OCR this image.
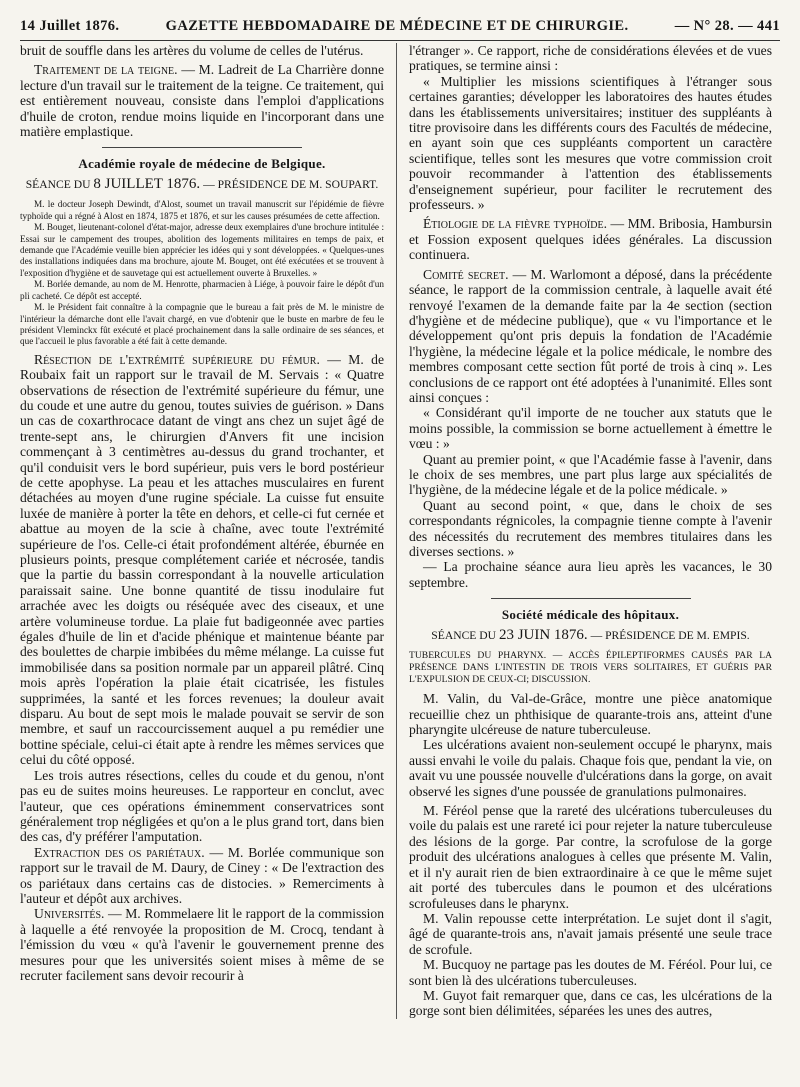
14 Juillet 1876.	GAZETTE HEBDOMADAIRE DE MÉDECINE ET DE CHIRURGIE.	— N° 28. — 441

bruit de souffle dans les artères du volume de celles de l'utérus.

Traitement de la teigne. — M. Ladreit de La Charrière donne lecture d'un travail sur le traitement de la teigne. Ce traitement, qui est entièrement nouveau, consiste dans l'emploi d'applications d'huile de croton, rendue moins liquide en l'incorporant dans une matière emplastique.

Académie royale de médecine de Belgique.
SÉANCE DU 8 JUILLET 1876. — PRÉSIDENCE DE M. SOUPART.

M. le docteur Joseph Dewindt, d'Alost, soumet un travail manuscrit sur l'épidémie de fièvre typhoïde qui a régné à Alost en 1874, 1875 et 1876, et sur les causes présumées de cette affection.

M. Bouget, lieutenant-colonel d'état-major, adresse deux exemplaires d'une brochure intitulée : Essai sur le campement des troupes, abolition des logements militaires en temps de paix, et demande que l'Académie veuille bien apprécier les idées qui y sont développées. « Quelques-unes des installations indiquées dans ma brochure, ajoute M. Bouget, ont été exécutées et se trouvent à l'exposition d'hygiène et de sauvetage qui est actuellement ouverte à Bruxelles. »

M. Borlée demande, au nom de M. Henrotte, pharmacien à Liége, à pouvoir faire le dépôt d'un pli cacheté. Ce dépôt est accepté.

M. le Président fait connaître à la compagnie que le bureau a fait près de M. le ministre de l'intérieur la démarche dont elle l'avait chargé, en vue d'obtenir que le buste en marbre de feu le président Vleminckx fût exécuté et placé prochainement dans la salle ordinaire de ses séances, et que l'accueil le plus favorable a été fait à cette demande.

Résection de l'extrémité supérieure du fémur. — M. de Roubaix fait un rapport sur le travail de M. Servais : « Quatre observations de résection de l'extrémité supérieure du fémur, une du coude et une autre du genou, toutes suivies de guérison. » Dans un cas de coxarthrocace datant de vingt ans chez un sujet âgé de trente-sept ans, le chirurgien d'Anvers fit une incision commençant à 3 centimètres au-dessus du grand trochanter, et qu'il conduisit vers le bord supérieur, puis vers le bord postérieur de cette apophyse. La peau et les attaches musculaires en furent détachées au moyen d'une rugine spéciale. La cuisse fut ensuite luxée de manière à porter la tête en dehors, et celle-ci fut cernée et abattue au moyen de la scie à chaîne, avec toute l'extrémité supérieure de l'os. Celle-ci était profondément altérée, éburnée en plusieurs points, presque complétement cariée et nécrosée, tandis que la partie du bassin correspondant à la nouvelle articulation paraissait saine. Une bonne quantité de tissu inodulaire fut arrachée avec les doigts ou réséquée avec des ciseaux, et une artère volumineuse tordue. La plaie fut badigeonnée avec parties égales d'huile de lin et d'acide phénique et maintenue béante par des boulettes de charpie imbibées du même mélange. La cuisse fut immobilisée dans sa position normale par un appareil plâtré. Cinq mois après l'opération la plaie était cicatrisée, les fistules supprimées, la santé et les forces revenues; la douleur avait disparu. Au bout de sept mois le malade pouvait se servir de son membre, et sauf un raccourcissement auquel a pu remédier une bottine spéciale, celui-ci était apte à rendre les mêmes services que celui du côté opposé.

Les trois autres résections, celles du coude et du genou, n'ont pas eu de suites moins heureuses. Le rapporteur en conclut, avec l'auteur, que ces opérations éminemment conservatrices sont généralement trop négligées et qu'on a le plus grand tort, dans bien des cas, d'y préférer l'amputation.

Extraction des os pariétaux. — M. Borlée communique son rapport sur le travail de M. Daury, de Ciney : « De l'extraction des os pariétaux dans certains cas de distocies. » Remerciments à l'auteur et dépôt aux archives.

Universités. — M. Rommelaere lit le rapport de la commission à laquelle a été renvoyée la proposition de M. Crocq, tendant à l'émission du vœu « qu'à l'avenir le gouvernement prenne des mesures pour que les universités soient mises à même de se recruter facilement sans devoir recourir à

l'étranger ». Ce rapport, riche de considérations élevées et de vues pratiques, se termine ainsi :

« Multiplier les missions scientifiques à l'étranger sous certaines garanties; développer les laboratoires des hautes études dans les établissements universitaires; instituer des suppléants à titre provisoire dans les différents cours des Facultés de médecine, en ayant soin que ces suppléants comportent un caractère scientifique, telles sont les mesures que votre commission croit pouvoir recommander à l'attention des établissements d'enseignement supérieur, pour faciliter le recrutement des professeurs. »

Étiologie de la fièvre typhoïde. — MM. Bribosia, Hambursin et Fossion exposent quelques idées générales. La discussion continuera.

Comité secret. — M. Warlomont a déposé, dans la précédente séance, le rapport de la commission centrale, à laquelle avait été renvoyé l'examen de la demande faite par la 4e section (section d'hygiène et de médecine publique), que « vu l'importance et le développement qu'ont pris depuis la fondation de l'Académie l'hygiène, la médecine légale et la police médicale, le nombre des membres composant cette section fût porté de trois à cinq ». Les conclusions de ce rapport ont été adoptées à l'unanimité. Elles sont ainsi conçues :

« Considérant qu'il importe de ne toucher aux statuts que le moins possible, la commission se borne actuellement à émettre le vœu : »

Quant au premier point, « que l'Académie fasse à l'avenir, dans le choix de ses membres, une part plus large aux spécialités de l'hygiène, de la médecine légale et de la police médicale. »

Quant au second point, « que, dans le choix de ses correspondants régnicoles, la compagnie tienne compte à l'avenir des nécessités du recrutement des membres titulaires dans les diverses sections. »

— La prochaine séance aura lieu après les vacances, le 30 septembre.

Société médicale des hôpitaux.
SÉANCE DU 23 JUIN 1876. — PRÉSIDENCE DE M. EMPIS.

TUBERCULES DU PHARYNX. — ACCÈS ÉPILEPTIFORMES CAUSÉS PAR LA PRÉSENCE DANS L'INTESTIN DE TROIS VERS SOLITAIRES, ET GUÉRIS PAR L'EXPULSION DE CEUX-CI; DISCUSSION.

M. Valin, du Val-de-Grâce, montre une pièce anatomique recueillie chez un phthisique de quarante-trois ans, atteint d'une pharyngite ulcéreuse de nature tuberculeuse.

Les ulcérations avaient non-seulement occupé le pharynx, mais aussi envahi le voile du palais. Chaque fois que, pendant la vie, on avait vu une poussée nouvelle d'ulcérations dans la gorge, on avait observé les signes d'une poussée de granulations pulmonaires.

M. Féréol pense que la rareté des ulcérations tuberculeuses du voile du palais est une rareté ici pour rejeter la nature tuberculeuse des lésions de la gorge. Par contre, la scrofulose de la gorge produit des ulcérations analogues à celles que présente M. Valin, et il n'y aurait rien de bien extraordinaire à ce que le même sujet ait porté des tubercules dans le poumon et des ulcérations scrofuleuses dans le pharynx.

M. Valin repousse cette interprétation. Le sujet dont il s'agit, âgé de quarante-trois ans, n'avait jamais présenté une seule trace de scrofule.

M. Bucquoy ne partage pas les doutes de M. Féréol. Pour lui, ce sont bien là des ulcérations tuberculeuses.

M. Guyot fait remarquer que, dans ce cas, les ulcérations de la gorge sont bien délimitées, séparées les unes des autres,
